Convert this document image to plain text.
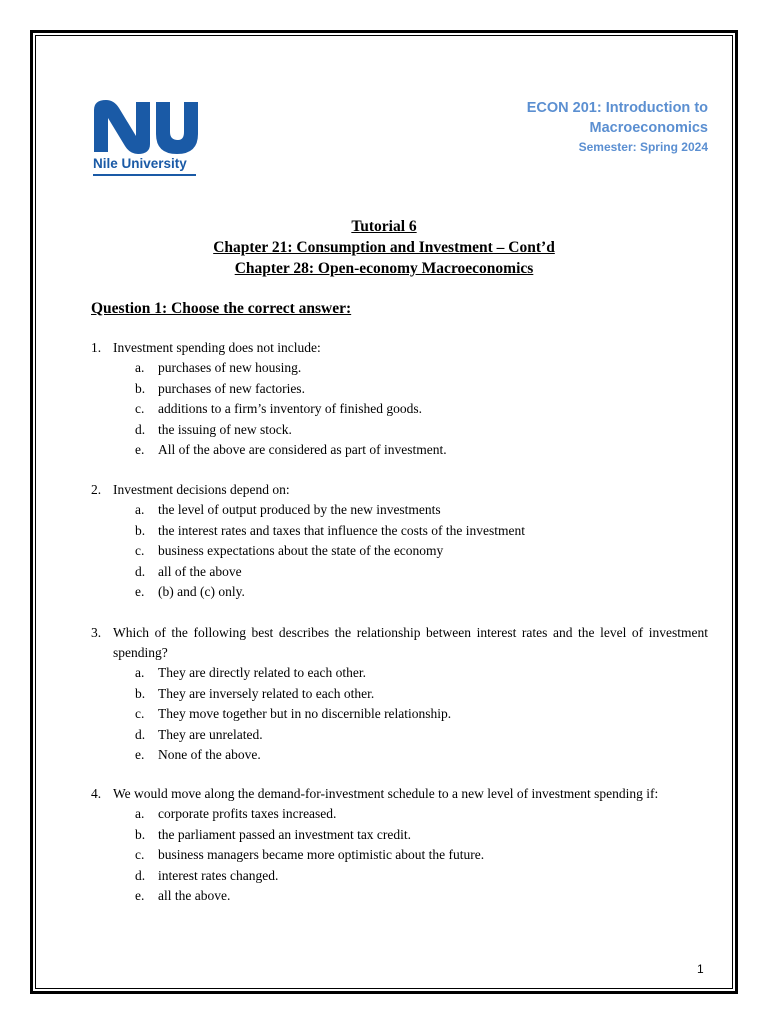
Nile University
ECON 201: Introduction to
Macroeconomics
Semester: Spring 2024
Tutorial 6
Chapter 21: Consumption and Investment – Cont’d
Chapter 28: Open-economy Macroeconomics
Question 1: Choose the correct answer:
1. Investment spending does not include:
a.	purchases of new housing.
b. purchases of new factories.
c.	additions to a firm’s inventory of finished goods.
d. the issuing of new stock.
e.	All of the above are considered as part of investment.
2. Investment decisions depend on:
a.	the level of output produced by the new investments
b. the interest rates and taxes that influence the costs of the investment
c.	business expectations about the state of the economy
d. all of the above
e.	(b) and (c) only.
3. Which of the following best describes the relationship between interest rates and the level of investment spending?
a.	They are directly related to each other.
b. They are inversely related to each other.
c.	They move together but in no discernible relationship.
d. They are unrelated.
e.	None of the above.
4. We would move along the demand-for-investment schedule to a new level of investment spending if:
a.	corporate profits taxes increased.
b. the parliament passed an investment tax credit.
c.	business managers became more optimistic about the future.
d. interest rates changed.
e.	all the above.
1
